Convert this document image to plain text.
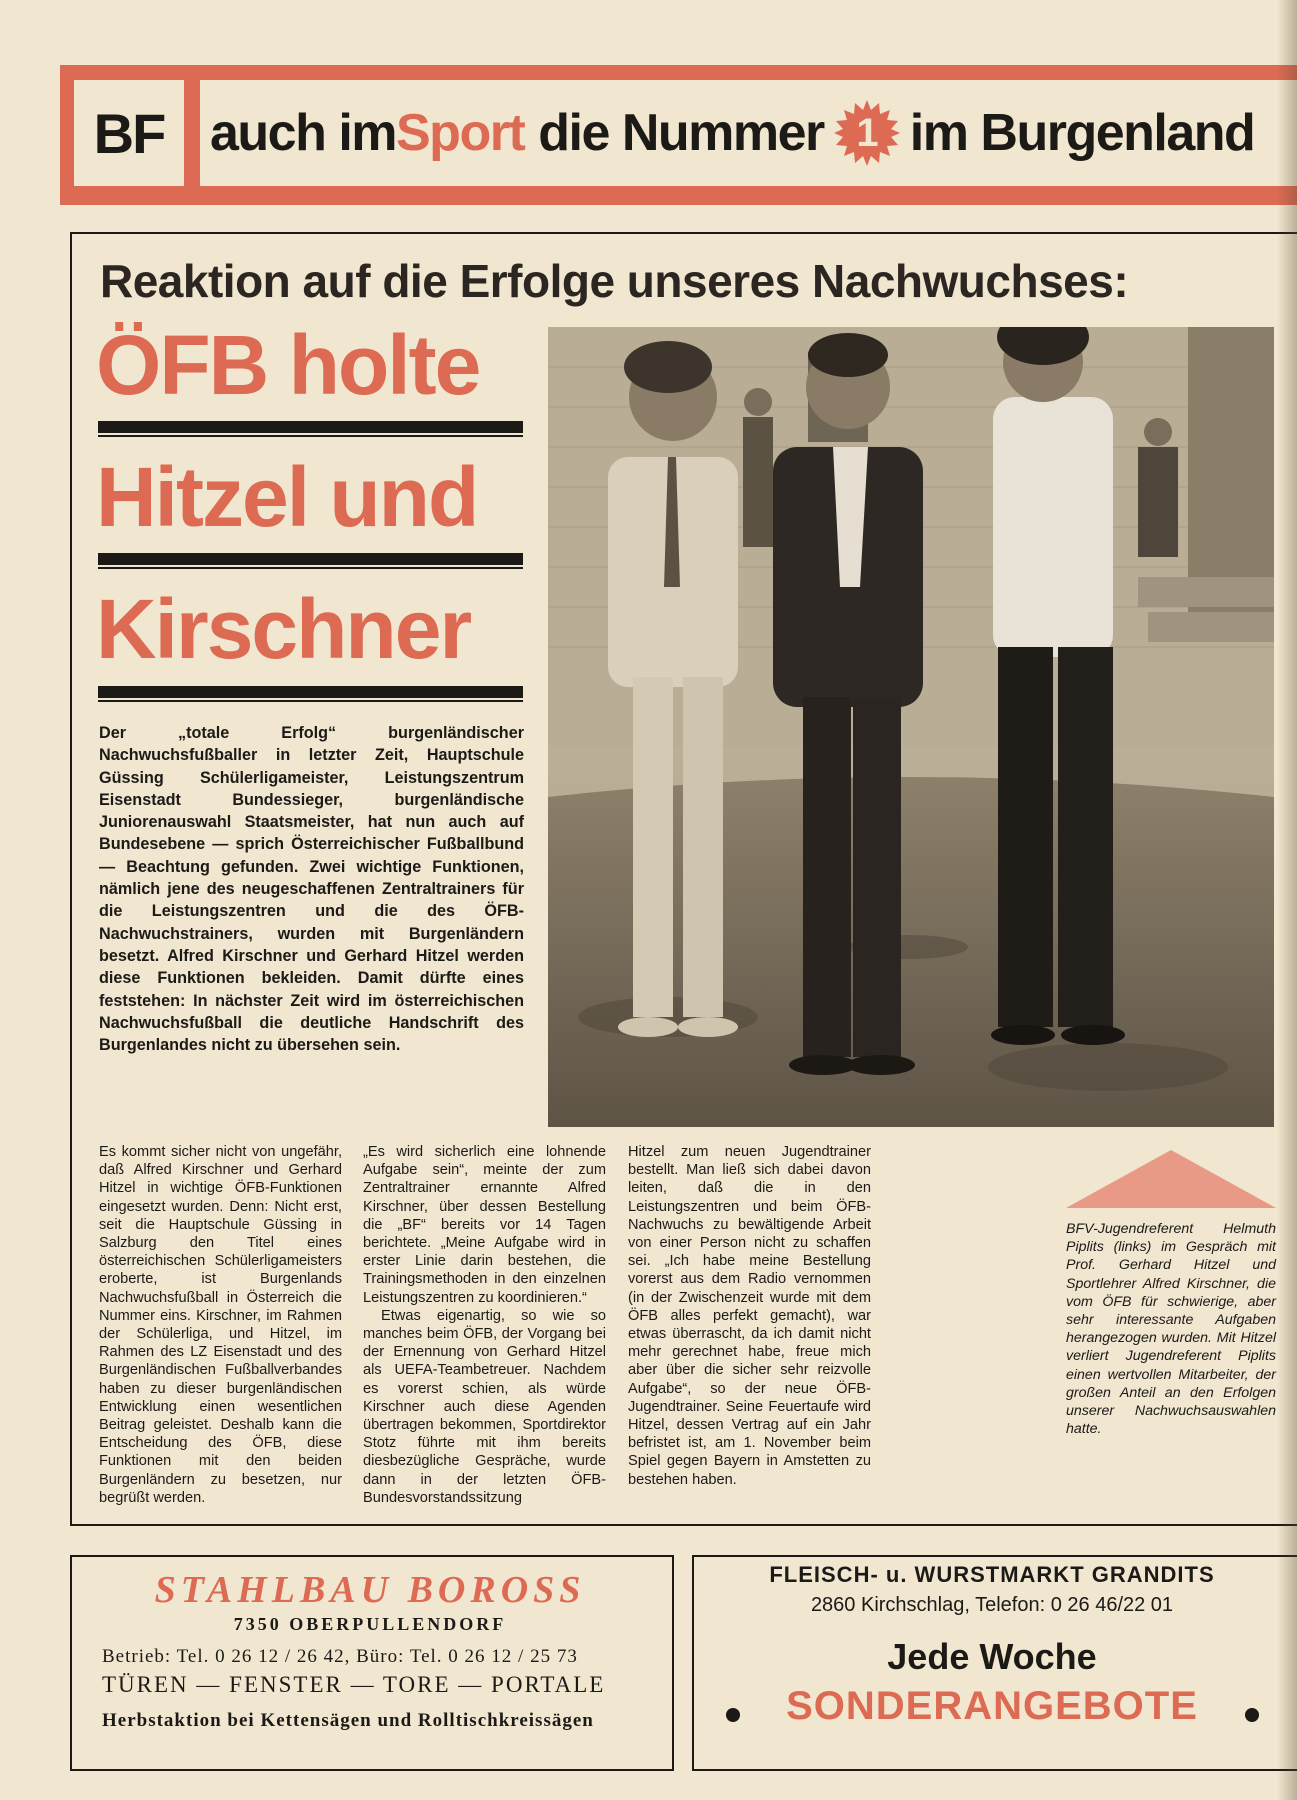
BF auch im Sport die Nummer 1 im Burgenland
Reaktion auf die Erfolge unseres Nachwuchses:
ÖFB holte
Hitzel und
Kirschner
Der „totale Erfolg“ burgenländischer Nachwuchsfußballer in letzter Zeit, Hauptschule Güssing Schülerligameister, Leistungszentrum Eisenstadt Bundessieger, burgenländische Juniorenauswahl Staatsmeister, hat nun auch auf Bundesebene — sprich Österreichischer Fußballbund — Beachtung gefunden. Zwei wichtige Funktionen, nämlich jene des neugeschaffenen Zentraltrainers für die Leistungszentren und die des ÖFB-Nachwuchstrainers, wurden mit Burgenländern besetzt. Alfred Kirschner und Gerhard Hitzel werden diese Funktionen bekleiden. Damit dürfte eines feststehen: In nächster Zeit wird im österreichischen Nachwuchsfußball die deutliche Handschrift des Burgenlandes nicht zu übersehen sein.

Es kommt sicher nicht von ungefähr, daß Alfred Kirschner und Gerhard Hitzel in wichtige ÖFB-Funktionen eingesetzt wurden. Denn: Nicht erst, seit die Hauptschule Güssing in Salzburg den Titel eines österreichischen Schülerligameisters eroberte, ist Burgenlands Nachwuchsfußball in Österreich die Nummer eins. Kirschner, im Rahmen der Schülerliga, und Hitzel, im Rahmen des LZ Eisenstadt und des Burgenländischen Fußballverbandes haben zu dieser burgenländischen Entwicklung einen wesentlichen Beitrag geleistet. Deshalb kann die Entscheidung des ÖFB, diese Funktionen mit den beiden Burgenländern zu besetzen, nur begrüßt werden.

„Es wird sicherlich eine lohnende Aufgabe sein“, meinte der zum Zentraltrainer ernannte Alfred Kirschner, über dessen Bestellung die „BF“ bereits vor 14 Tagen berichtete. „Meine Aufgabe wird in erster Linie darin bestehen, die Trainingsmethoden in den einzelnen Leistungszentren zu koordinieren.“

Etwas eigenartig, so wie so manches beim ÖFB, der Vorgang bei der Ernennung von Gerhard Hitzel als UEFA-Teambetreuer. Nachdem es vorerst schien, als würde Kirschner auch diese Agenden übertragen bekommen, Sportdirektor Stotz führte mit ihm bereits diesbezügliche Gespräche, wurde dann in der letzten ÖFB-Bundesvorstandssitzung

Hitzel zum neuen Jugendtrainer bestellt. Man ließ sich dabei davon leiten, daß die in den Leistungszentren und beim ÖFB-Nachwuchs zu bewältigende Arbeit von einer Person nicht zu schaffen sei. „Ich habe meine Bestellung vorerst aus dem Radio vernommen (in der Zwischenzeit wurde mit dem ÖFB alles perfekt gemacht), war etwas überrascht, da ich damit nicht mehr gerechnet habe, freue mich aber über die sicher sehr reizvolle Aufgabe“, so der neue ÖFB-Jugendtrainer. Seine Feuertaufe wird Hitzel, dessen Vertrag auf ein Jahr befristet ist, am 1. November beim Spiel gegen Bayern in Amstetten zu bestehen haben.

BFV-Jugendreferent Helmuth Piplits (links) im Gespräch mit Prof. Gerhard Hitzel und Sportlehrer Alfred Kirschner, die vom ÖFB für schwierige, aber sehr interessante Aufgaben herangezogen wurden. Mit Hitzel verliert Jugendreferent Piplits einen wertvollen Mitarbeiter, der großen Anteil an den Erfolgen unserer Nachwuchsauswahlen hatte.
STAHLBAU BOROSS
7350 OBERPULLENDORF
Betrieb: Tel. 0 26 12 / 26 42, Büro: Tel. 0 26 12 / 25 73
TÜREN — FENSTER — TORE — PORTALE
Herbstaktion bei Kettensägen und Rolltischkreissägen
FLEISCH- u. WURSTMARKT GRANDITS
2860 Kirchschlag, Telefon: 0 26 46/22 01
Jede Woche
SONDERANGEBOTE
